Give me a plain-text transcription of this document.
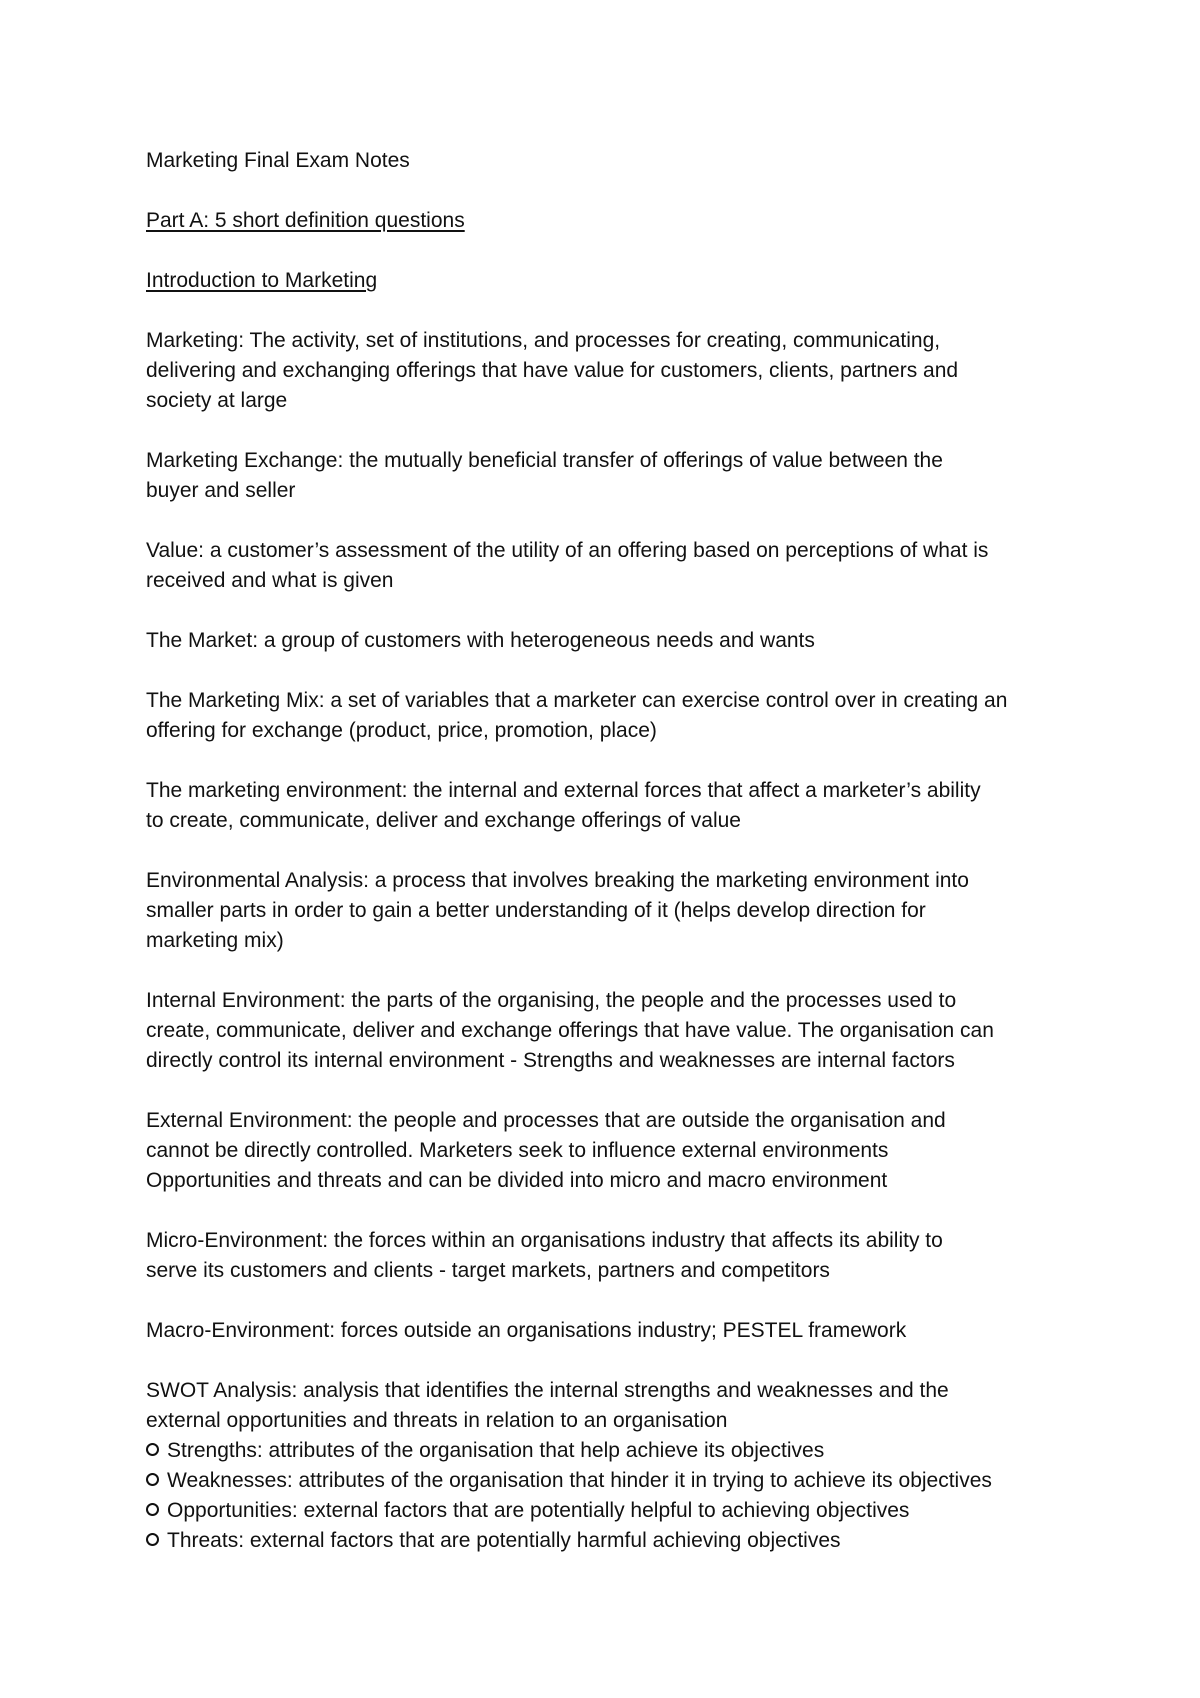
Marketing Final Exam Notes

Part A: 5 short definition questions

Introduction to Marketing

Marketing: The activity, set of institutions, and processes for creating, communicating,
delivering and exchanging offerings that have value for customers, clients, partners and
society at large
Marketing Exchange: the mutually beneficial transfer of offerings of value between the
buyer and seller
Value: a customer’s assessment of the utility of an offering based on perceptions of what is
received and what is given
The Market: a group of customers with heterogeneous needs and wants
The Marketing Mix: a set of variables that a marketer can exercise control over in creating an
offering for exchange (product, price, promotion, place)
The marketing environment: the internal and external forces that affect a marketer’s ability
to create, communicate, deliver and exchange offerings of value
Environmental Analysis: a process that involves breaking the marketing environment into
smaller parts in order to gain a better understanding of it (helps develop direction for
marketing mix)
Internal Environment: the parts of the organising, the people and the processes used to
create, communicate, deliver and exchange offerings that have value. The organisation can
directly control its internal environment - Strengths and weaknesses are internal factors
External Environment: the people and processes that are outside the organisation and
cannot be directly controlled. Marketers seek to influence external environments
Opportunities and threats and can be divided into micro and macro environment
Micro-Environment: the forces within an organisations industry that affects its ability to
serve its customers and clients - target markets, partners and competitors
Macro-Environment: forces outside an organisations industry; PESTEL framework
SWOT Analysis: analysis that identifies the internal strengths and weaknesses and the
external opportunities and threats in relation to an organisation
Strengths: attributes of the organisation that help achieve its objectives
Weaknesses: attributes of the organisation that hinder it in trying to achieve its objectives
Opportunities: external factors that are potentially helpful to achieving objectives
Threats: external factors that are potentially harmful achieving objectives
